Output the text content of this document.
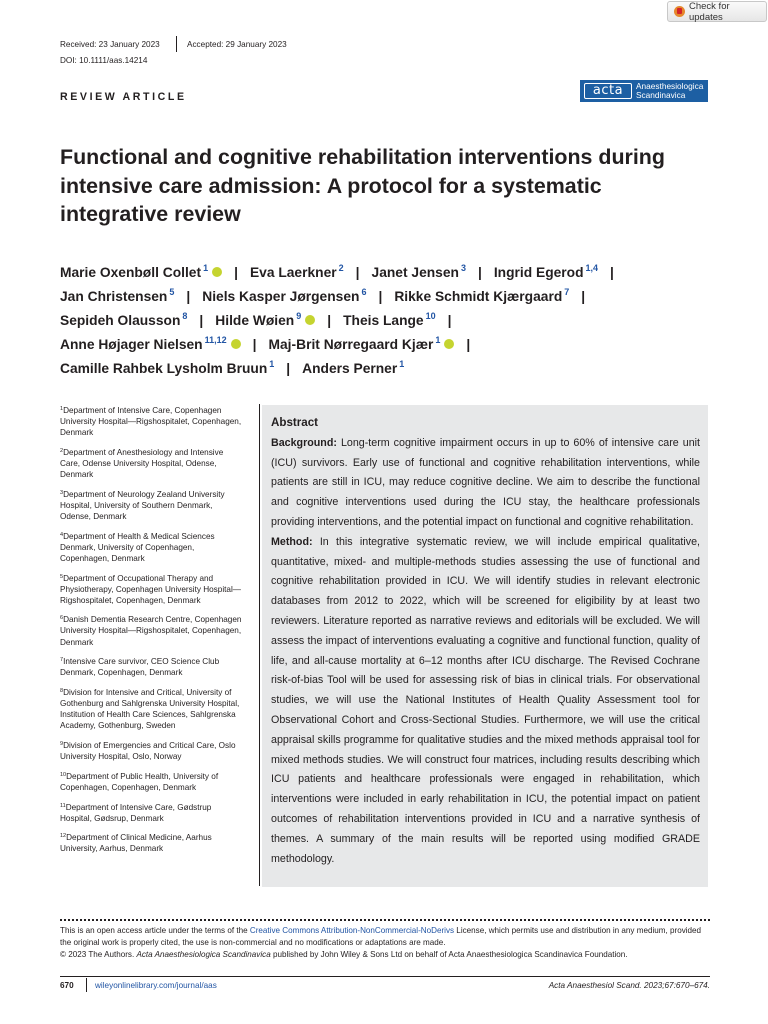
Check for updates
Received: 23 January 2023	Accepted: 29 January 2023
DOI: 10.1111/aas.14214
REVIEW ARTICLE	acta	Anaesthesiologica
Scandinavica
Functional and cognitive rehabilitation interventions during intensive care admission: A protocol for a systematic integrative review
Marie Oxenbøll Collet $^1$ iD | Eva Laerkner $^2$ | Janet Jensen $^3$ | Ingrid Egerod $^{1,4}$ |
Jan Christensen $^5$ | Niels Kasper Jørgensen $^6$ | Rikke Schmidt Kjærgaard $^7$ |
Sepideh Olausson $^8$ | Hilde Wøien $^9$ iD | Theis Lange $^{10}$ |
Anne Højager Nielsen $^{11,12}$ iD | Maj-Brit Nørregaard Kjær $^1$ iD |
Camille Rahbek Lysholm Bruun $^1$ | Anders Perner $^1$
$^1$Department of Intensive Care, Copenhagen University Hospital—Rigshospitalet, Copenhagen, Denmark
$^2$Department of Anesthesiology and Intensive Care, Odense University Hospital, Odense, Denmark
$^3$Department of Neurology Zealand University Hospital, University of Southern Denmark, Odense, Denmark
$^4$Department of Health & Medical Sciences Denmark, University of Copenhagen, Copenhagen, Denmark
$^5$Department of Occupational Therapy and Physiotherapy, Copenhagen University Hospital—Rigshospitalet, Copenhagen, Denmark
$^6$Danish Dementia Research Centre, Copenhagen University Hospital—Rigshospitalet, Copenhagen, Denmark
$^7$Intensive Care survivor, CEO Science Club Denmark, Copenhagen, Denmark
$^8$Division for Intensive and Critical, University of Gothenburg and Sahlgrenska University Hospital, Institution of Health Care Sciences, Sahlgrenska Academy, Gothenburg, Sweden
$^9$Division of Emergencies and Critical Care, Oslo University Hospital, Oslo, Norway
$^{10}$Department of Public Health, University of Copenhagen, Copenhagen, Denmark
$^{11}$Department of Intensive Care, Gødstrup Hospital, Gødsrup, Denmark
$^{12}$Department of Clinical Medicine, Aarhus University, Aarhus, Denmark
Abstract
Background: Long-term cognitive impairment occurs in up to 60% of intensive care unit (ICU) survivors. Early use of functional and cognitive rehabilitation interventions, while patients are still in ICU, may reduce cognitive decline. We aim to describe the functional and cognitive interventions used during the ICU stay, the healthcare professionals providing interventions, and the potential impact on functional and cognitive rehabilitation.
Method: In this integrative systematic review, we will include empirical qualitative, quantitative, mixed- and multiple-methods studies assessing the use of functional and cognitive rehabilitation provided in ICU. We will identify studies in relevant electronic databases from 2012 to 2022, which will be screened for eligibility by at least two reviewers. Literature reported as narrative reviews and editorials will be excluded. We will assess the impact of interventions evaluating a cognitive and functional function, quality of life, and all-cause mortality at 6–12 months after ICU discharge. The Revised Cochrane risk-of-bias Tool will be used for assessing risk of bias in clinical trials. For observational studies, we will use the National Institutes of Health Quality Assessment tool for Observational Cohort and Cross-Sectional Studies. Furthermore, we will use the critical appraisal skills programme for qualitative studies and the mixed methods appraisal tool for mixed methods studies. We will construct four matrices, including results describing which ICU patients and healthcare professionals were engaged in rehabilitation, which interventions were included in early rehabilitation in ICU, the potential impact on patient outcomes of rehabilitation interventions provided in ICU and a narrative synthesis of themes. A summary of the main results will be reported using modified GRADE methodology.
This is an open access article under the terms of the Creative Commons Attribution-NonCommercial-NoDerivs License, which permits use and distribution in any medium, provided the original work is properly cited, the use is non-commercial and no modifications or adaptations are made.
© 2023 The Authors. Acta Anaesthesiologica Scandinavica published by John Wiley & Sons Ltd on behalf of Acta Anaesthesiologica Scandinavica Foundation.
670	wileyonlinelibrary.com/journal/aas	Acta Anaesthesiol Scand. 2023;67:670–674.
